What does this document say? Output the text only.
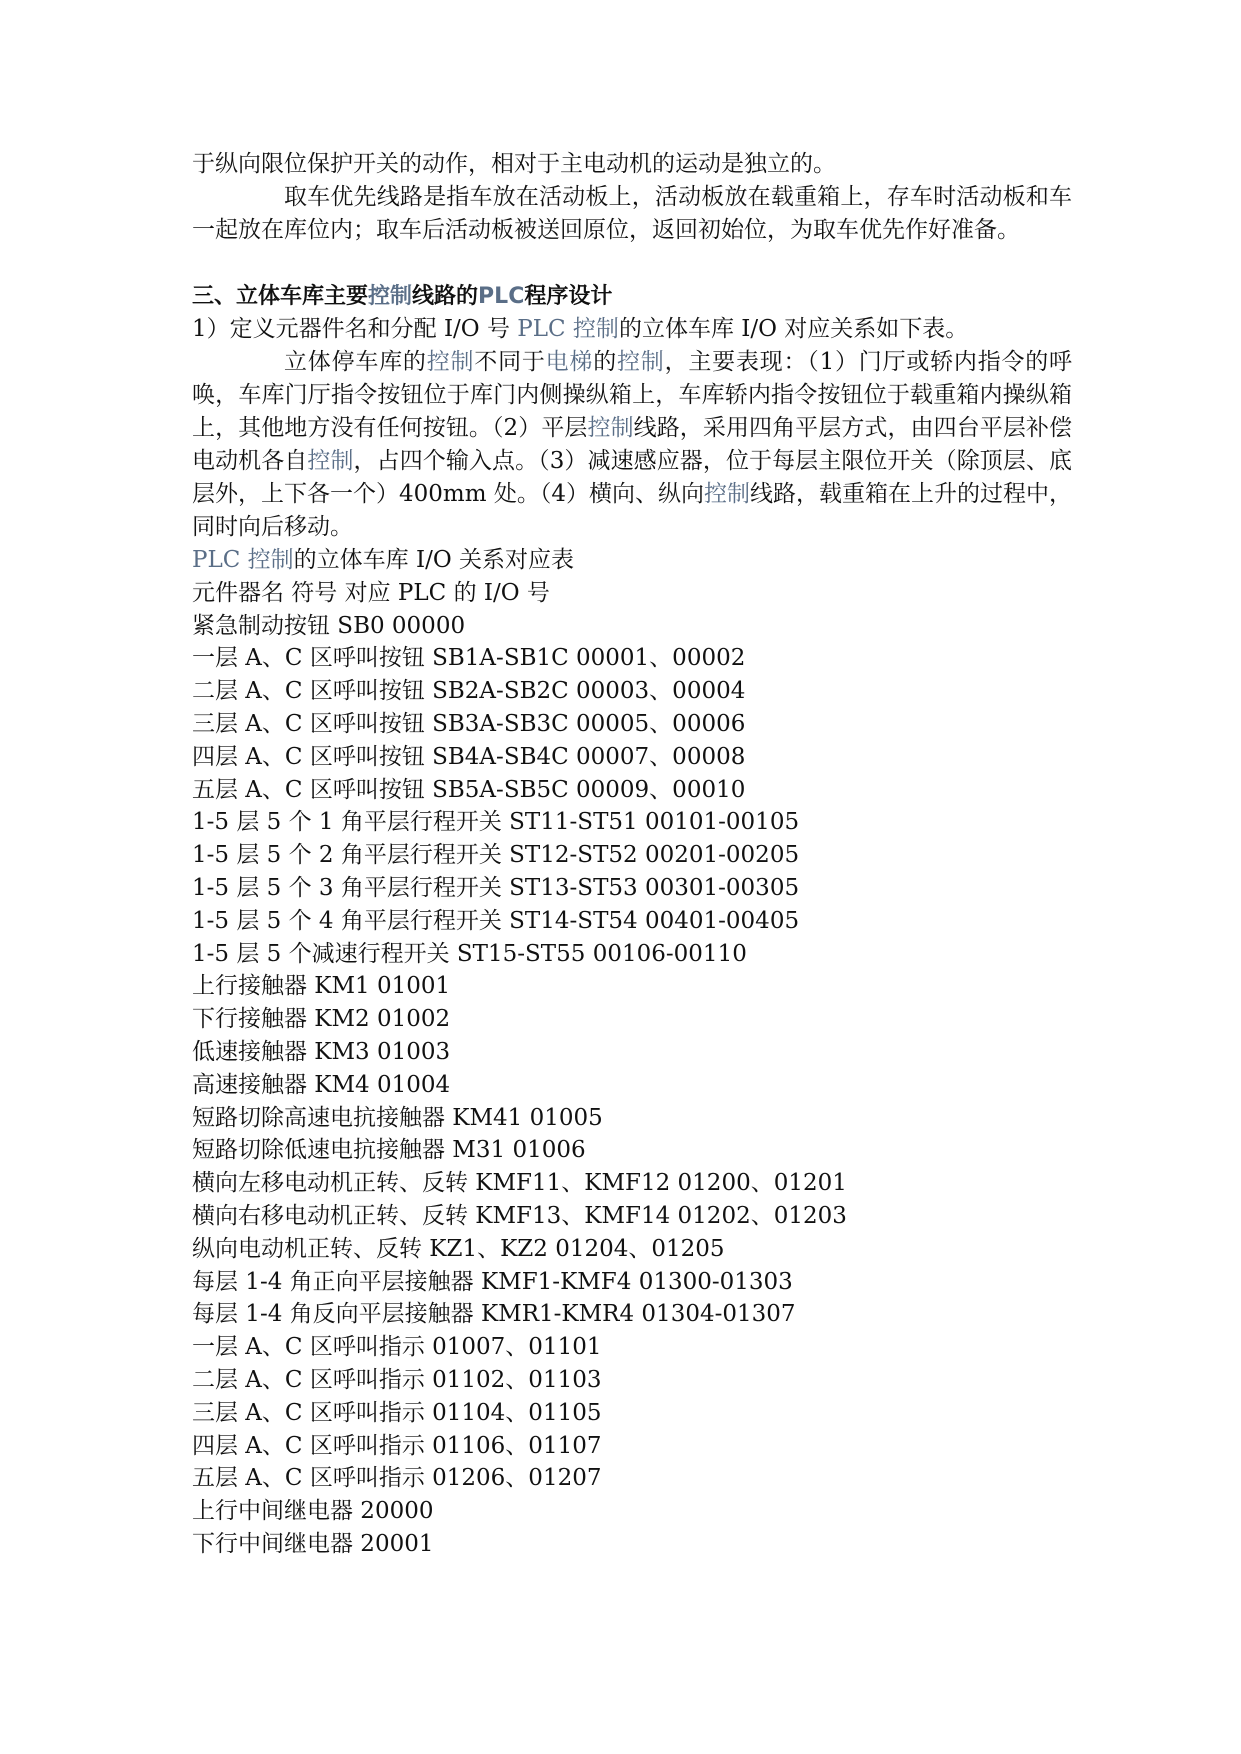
于纵向限位保护开关的动作，相对于主电动机的运动是独立的。

取车优先线路是指车放在活动板上，活动板放在载重箱上，存车时活动板和车一起放在库位内；取车后活动板被送回原位，返回初始位，为取车优先作好准备。

三、立体车库主要控制线路的PLC程序设计

1）定义元器件名和分配 I/O 号 PLC 控制的立体车库 I/O 对应关系如下表。

立体停车库的控制不同于电梯的控制，主要表现：（1）门厅或轿内指令的呼唤，车库门厅指令按钮位于库门内侧操纵箱上，车库轿内指令按钮位于载重箱内操纵箱上，其他地方没有任何按钮。（2）平层控制线路，采用四角平层方式，由四台平层补偿电动机各自控制，占四个输入点。（3）减速感应器，位于每层主限位开关（除顶层、底层外，上下各一个）400mm 处。（4）横向、纵向控制线路，载重箱在上升的过程中，同时向后移动。

PLC 控制的立体车库 I/O 关系对应表
元件器名 符号 对应 PLC 的 I/O 号
紧急制动按钮 SB0 00000
一层 A、C 区呼叫按钮 SB1A-SB1C 00001、00002
二层 A、C 区呼叫按钮 SB2A-SB2C 00003、00004
三层 A、C 区呼叫按钮 SB3A-SB3C 00005、00006
四层 A、C 区呼叫按钮 SB4A-SB4C 00007、00008
五层 A、C 区呼叫按钮 SB5A-SB5C 00009、00010
1-5 层 5 个 1 角平层行程开关 ST11-ST51 00101-00105
1-5 层 5 个 2 角平层行程开关 ST12-ST52 00201-00205
1-5 层 5 个 3 角平层行程开关 ST13-ST53 00301-00305
1-5 层 5 个 4 角平层行程开关 ST14-ST54 00401-00405
1-5 层 5 个减速行程开关 ST15-ST55 00106-00110
上行接触器 KM1 01001
下行接触器 KM2 01002
低速接触器 KM3 01003
高速接触器 KM4 01004
短路切除高速电抗接触器 KM41 01005
短路切除低速电抗接触器 M31 01006
横向左移电动机正转、反转 KMF11、KMF12 01200、01201
横向右移电动机正转、反转 KMF13、KMF14 01202、01203
纵向电动机正转、反转 KZ1、KZ2 01204、01205
每层 1-4 角正向平层接触器 KMF1-KMF4 01300-01303
每层 1-4 角反向平层接触器 KMR1-KMR4 01304-01307
一层 A、C 区呼叫指示 01007、01101
二层 A、C 区呼叫指示 01102、01103
三层 A、C 区呼叫指示 01104、01105
四层 A、C 区呼叫指示 01106、01107
五层 A、C 区呼叫指示 01206、01207
上行中间继电器 20000
下行中间继电器 20001
